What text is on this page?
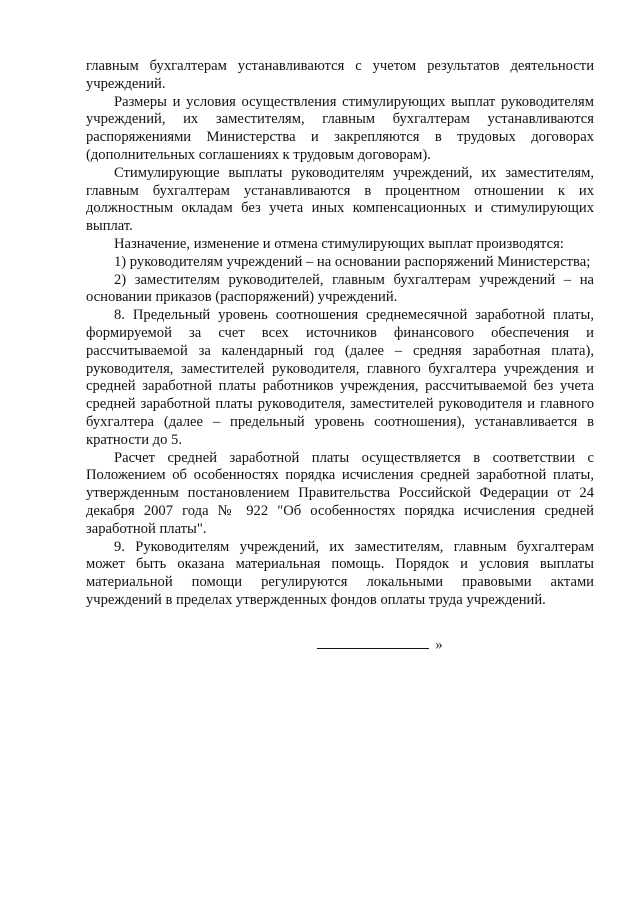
главным бухгалтерам устанавливаются с учетом результатов деятельности учреждений.

Размеры и условия осуществления стимулирующих выплат руководителям учреждений, их заместителям, главным бухгалтерам устанавливаются распоряжениями Министерства и закрепляются в трудовых договорах (дополнительных соглашениях к трудовым договорам).

Стимулирующие выплаты руководителям учреждений, их заместителям, главным бухгалтерам устанавливаются в процентном отношении к их должностным окладам без учета иных компенсационных и стимулирующих выплат.

Назначение, изменение и отмена стимулирующих выплат производятся:

1) руководителям учреждений – на основании распоряжений Министерства;

2) заместителям руководителей, главным бухгалтерам учреждений – на основании приказов (распоряжений) учреждений.

8. Предельный уровень соотношения среднемесячной заработной платы, формируемой за счет всех источников финансового обеспечения и рассчитываемой за календарный год (далее – средняя заработная плата), руководителя, заместителей руководителя, главного бухгалтера учреждения и средней заработной платы работников учреждения, рассчитываемой без учета средней заработной платы руководителя, заместителей руководителя и главного бухгалтера (далее – предельный уровень соотношения), устанавливается в кратности до 5.

Расчет средней заработной платы осуществляется в соответствии с Положением об особенностях порядка исчисления средней заработной платы, утвержденным постановлением Правительства Российской Федерации от 24 декабря 2007 года № 922 "Об особенностях порядка исчисления средней заработной платы".

9. Руководителям учреждений, их заместителям, главным бухгалтерам может быть оказана материальная помощь. Порядок и условия выплаты материальной помощи регулируются локальными правовыми актами учреждений в пределах утвержденных фондов оплаты труда учреждений.

»
